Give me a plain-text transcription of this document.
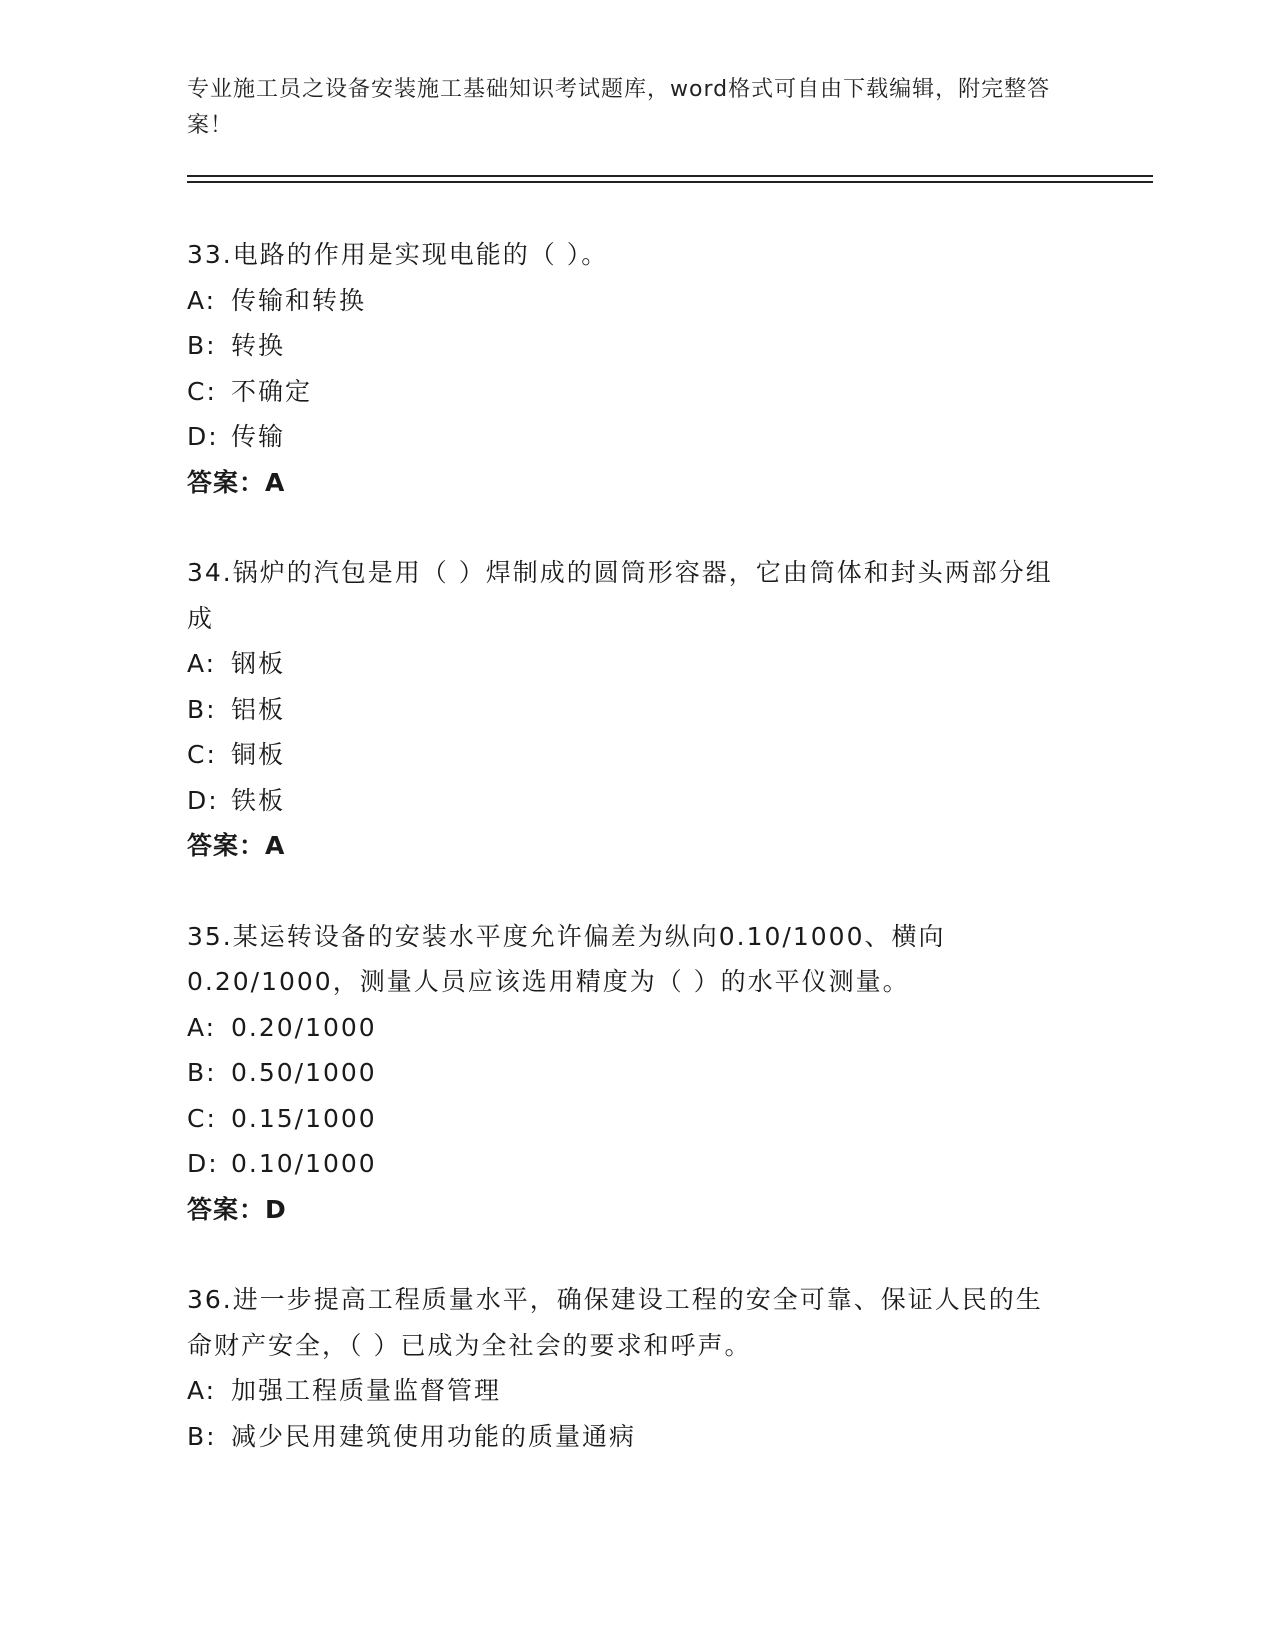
专业施工员之设备安装施工基础知识考试题库，word格式可自由下载编辑，附完整答案！

33.电路的作用是实现电能的（ ）。

A: 传输和转换

B: 转换

C: 不确定

D: 传输

答案：A

34.锅炉的汽包是用（ ）焊制成的圆筒形容器，它由筒体和封头两部分组成

A: 钢板

B: 铝板

C: 铜板

D: 铁板

答案：A

35.某运转设备的安装水平度允许偏差为纵向0.10/1000、横向0.20/1000，测量人员应该选用精度为（ ）的水平仪测量。

A: 0.20/1000

B: 0.50/1000

C: 0.15/1000

D: 0.10/1000

答案：D

36.进一步提高工程质量水平，确保建设工程的安全可靠、保证人民的生命财产安全，（ ）已成为全社会的要求和呼声。

A: 加强工程质量监督管理

B: 减少民用建筑使用功能的质量通病
